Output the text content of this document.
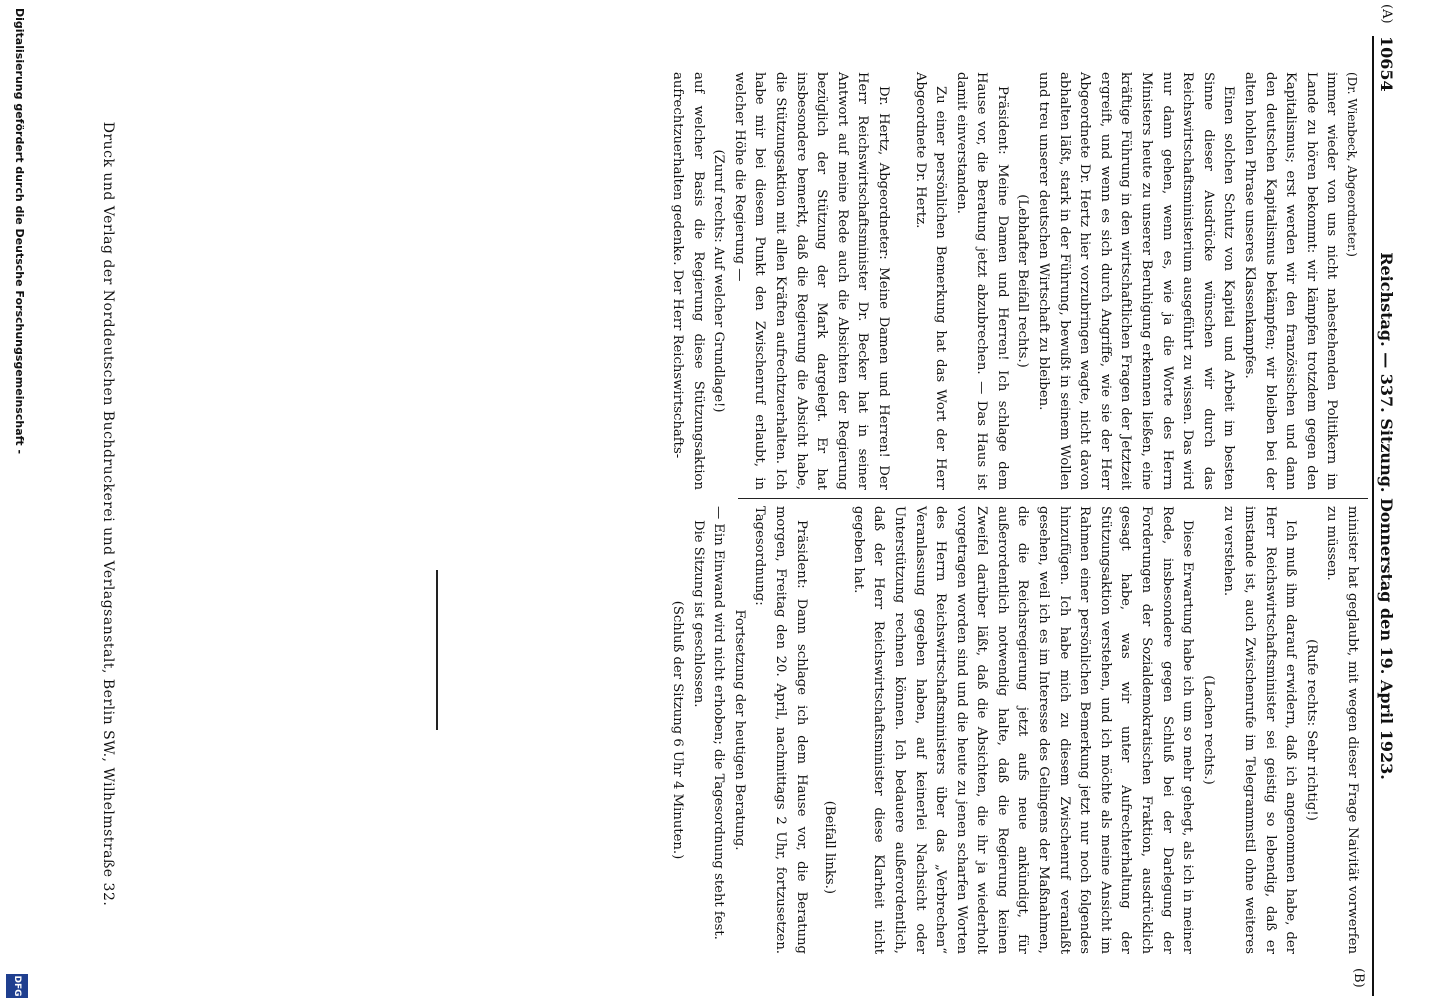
10654
Reichstag. — 337. Sitzung. Donnerstag den 19. April 1923.
(A)
(B)

(Dr. Wienbeck, Abgeordneter.)

immer wieder von uns nicht nahestehenden Politikern im Lande zu hören bekommt: wir kämpfen trotzdem gegen den Kapitalismus; erst werden wir den französischen und dann den deutschen Kapitalismus bekämpfen; wir bleiben bei der alten hohlen Phrase unseres Klassenkampfes.

Einen solchen Schutz von Kapital und Arbeit im besten Sinne dieser Ausdrücke wünschen wir durch das Reichswirtschaftsministerium ausgeführt zu wissen. Das wird nur dann gehen, wenn es, wie ja die Worte des Herrn Ministers heute zu unserer Beruhigung erkennen ließen, eine kräftige Führung in den wirtschaftlichen Fragen der Jetztzeit ergreift, und wenn es sich durch Angriffe, wie sie der Herr Abgeordnete Dr. Hertz hier vorzubringen wagte, nicht davon abhalten läßt, stark in der Führung, bewußt in seinem Wollen und treu unserer deutschen Wirtschaft zu bleiben.

(Lebhafter Beifall rechts.)

Präsident: Meine Damen und Herren! Ich schlage dem Hause vor, die Beratung jetzt abzubrechen. — Das Haus ist damit einverstanden.

Zu einer persönlichen Bemerkung hat das Wort der Herr Abgeordnete Dr. Hertz.

Dr. Hertz, Abgeordneter: Meine Damen und Herren! Der Herr Reichswirtschaftsminister Dr. Becker hat in seiner Antwort auf meine Rede auch die Absichten der Regierung bezüglich der Stützung der Mark dargelegt. Er hat insbesondere bemerkt, daß die Regierung die Absicht habe, die Stützungsaktion mit allen Kräften aufrechtzuerhalten. Ich habe mir bei diesem Punkt den Zwischenruf erlaubt, in welcher Höhe die Regierung —

(Zuruf rechts: Auf welcher Grundlage!)

auf welcher Basis die Regierung diese Stützungsaktion aufrechtzuerhalten gedenke. Der Herr Reichswirtschafts-

minister hat geglaubt, mit wegen dieser Frage Naivität vorwerfen zu müssen.

(Rufe rechts: Sehr richtig!)

Ich muß ihm darauf erwidern, daß ich angenommen habe, der Herr Reichswirtschaftsminister sei geistig so lebendig, daß er imstande ist, auch Zwischenrufe im Telegrammstil ohne weiteres zu verstehen.

(Lachen rechts.)

Diese Erwartung habe ich um so mehr gehegt, als ich in meiner Rede, insbesondere gegen Schluß bei der Darlegung der Forderungen der Sozialdemokratischen Fraktion, ausdrücklich gesagt habe, was wir unter Aufrechterhaltung der Stützungsaktion verstehen, und ich möchte als meine Ansicht im Rahmen einer persönlichen Bemerkung jetzt nur noch folgendes hinzufügen. Ich habe mich zu diesem Zwischenruf veranlaßt gesehen, weil ich es im Interesse des Gelingens der Maßnahmen, die die Reichsregierung jetzt aufs neue ankündigt, für außerordentlich notwendig halte, daß die Regierung keinen Zweifel darüber läßt, daß die Absichten, die ihr ja wiederholt vorgetragen worden sind und die heute zu jenen scharfen Worten des Herrn Reichswirtschaftsministers über das „Verbrechen“ Veranlassung gegeben haben, auf keinerlei Nachsicht oder Unterstützung rechnen können. Ich bedauere außerordentlich, daß der Herr Reichswirtschaftsminister diese Klarheit nicht gegeben hat.

(Beifall links.)

Präsident: Dann schlage ich dem Hause vor, die Beratung morgen, Freitag den 20. April, nachmittags 2 Uhr, fortzusetzen. Tagesordnung:

Fortsetzung der heutigen Beratung.

— Ein Einwand wird nicht erhoben; die Tagesordnung steht fest.

Die Sitzung ist geschlossen.

(Schluß der Sitzung 6 Uhr 4 Minuten.)

Druck und Verlag der Norddeutschen Buchdruckerei und Verlagsanstalt, Berlin SW., Wilhelmstraße 32.
Digitalisierung gefördert durch die Deutsche Forschungsgemeinschaft -
DFG
